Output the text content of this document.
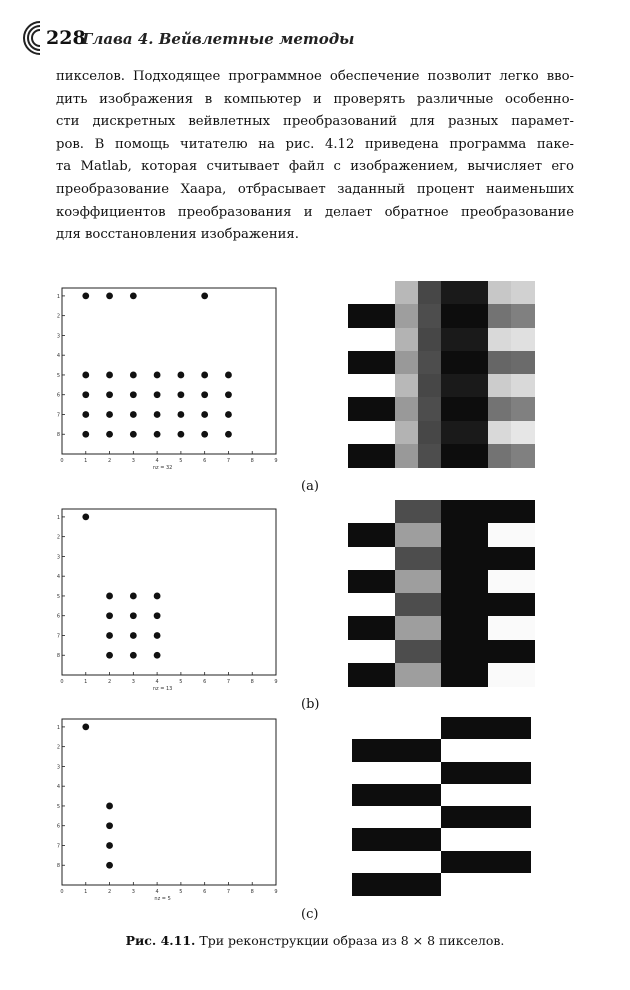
228
Глава 4. Вейвлетные методы
пикселов. Подходящее программное обеспечение позволит легко вво-
дить изображения в компьютер и проверять различные особенно-
сти дискретных вейвлетных преобразований для разных парамет-
ров. В помощь читателю на рис. 4.12 приведена программа паке-
та Matlab, которая считывает файл с изображением, вычисляет его
преобразование Хаара, отбрасывает заданный процент наименьших
коэффициентов преобразования и делает обратное преобразование
для восстановления изображения.
0	1	2	3	4	5	6	7	8	9
1
2
3
4
5
6
7
8
nz = 32
(a)
0	1	2	3	4	5	6	7	8	9
1
2
3
4
5
6
7
8
nz = 13
(b)
0	1	2	3	4	5	6	7	8	9
1
2
3
4
5
6
7
8
nz = 5
(c)
Рис. 4.11. Три реконструкции образа из 8 × 8 пикселов.
